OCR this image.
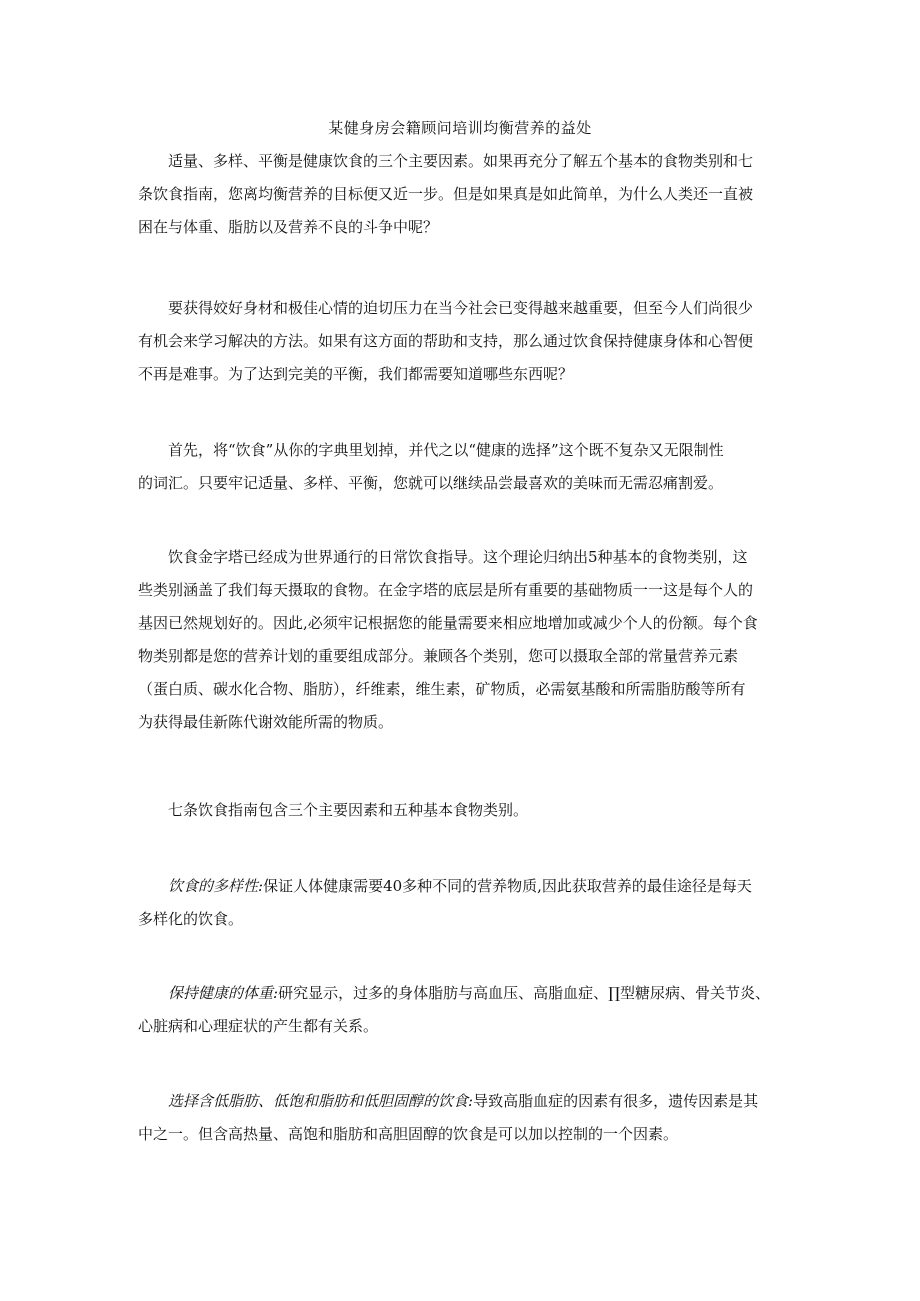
某健身房会籍顾问培训均衡营养的益处
适量、多样、平衡是健康饮食的三个主要因素。如果再充分了解五个基本的食物类别和七
条饮食指南，您离均衡营养的目标便又近一步。但是如果真是如此简单，为什么人类还一直被
困在与体重、脂肪以及营养不良的斗争中呢？
要获得姣好身材和极佳心情的迫切压力在当今社会已变得越来越重要，但至今人们尚很少
有机会来学习解决的方法。如果有这方面的帮助和支持，那么通过饮食保持健康身体和心智便
不再是难事。为了达到完美的平衡，我们都需要知道哪些东西呢？
首先，将“饮食”从你的字典里划掉，并代之以“健康的选择”这个既不复杂又无限制性
的词汇。只要牢记适量、多样、平衡，您就可以继续品尝最喜欢的美味而无需忍痛割爱。
饮食金字塔已经成为世界通行的日常饮食指导。这个理论归纳出5种基本的食物类别，这
些类别涵盖了我们每天摄取的食物。在金字塔的底层是所有重要的基础物质一一这是每个人的
基因已然规划好的。因此,必须牢记根据您的能量需要来相应地增加或减少个人的份额。每个食
物类别都是您的营养计划的重要组成部分。兼顾各个类别，您可以摄取全部的常量营养元素
（蛋白质、碳水化合物、脂肪），纤维素，维生素，矿物质，必需氨基酸和所需脂肪酸等所有
为获得最佳新陈代谢效能所需的物质。
七条饮食指南包含三个主要因素和五种基本食物类别。
饮食的多样性:保证人体健康需要40多种不同的营养物质,因此获取营养的最佳途径是每天
多样化的饮食。
保持健康的体重:研究显示，过多的身体脂肪与高血压、高脂血症、∏型糖尿病、骨关节炎、
心脏病和心理症状的产生都有关系。
选择含低脂肪、低饱和脂肪和低胆固醇的饮食:导致高脂血症的因素有很多，遗传因素是其
中之一。但含高热量、高饱和脂肪和高胆固醇的饮食是可以加以控制的一个因素。
